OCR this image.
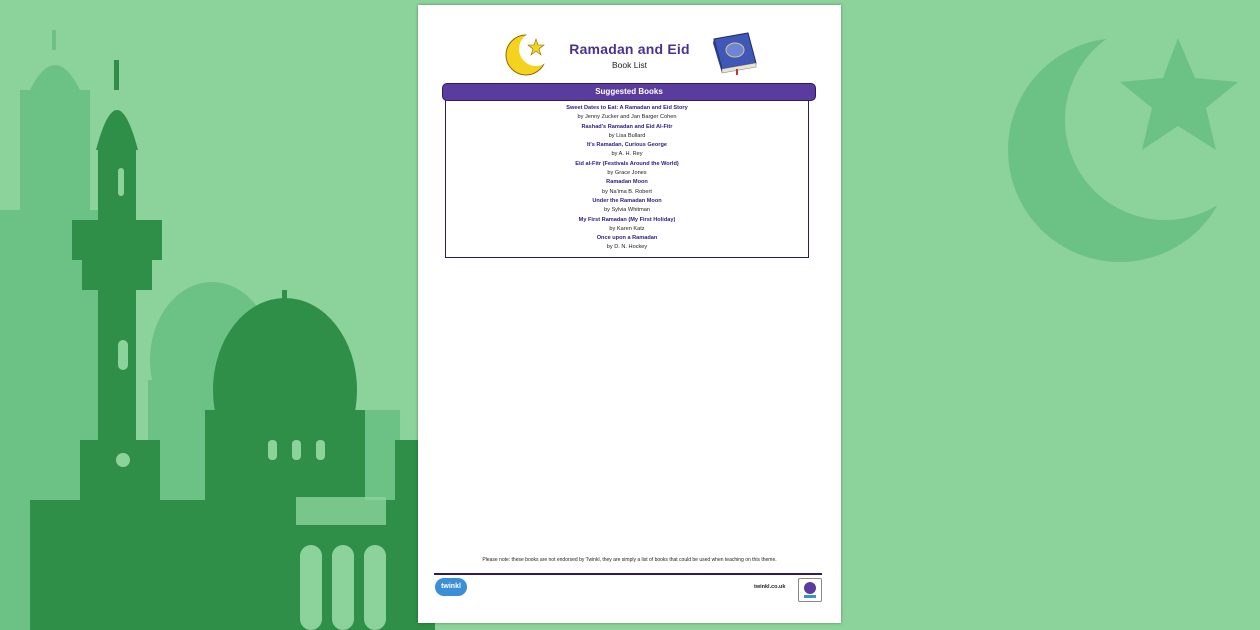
Ramadan and Eid
Book List
Suggested Books
Sweet Dates to Eat: A Ramadan and Eid Story
by Jenny Zucker and Jan Barger Cohen
Rashad's Ramadan and Eid Al-Fitr
by Lisa Bullard
It's Ramadan, Curious George
by A. H. Rey
Eid al-Fitr (Festivals Around the World)
by Grace Jones
Ramadan Moon
by Na'ima B. Robert
Under the Ramadan Moon
by Sylvia Whitman
My First Ramadan (My First Holiday)
by Karen Katz
Once upon a Ramadan
by D. N. Hockey
Please note: these books are not endorsed by Twinkl, they are simply a list of books that could be used when teaching on this theme.
twinkl	twinkl.co.uk
